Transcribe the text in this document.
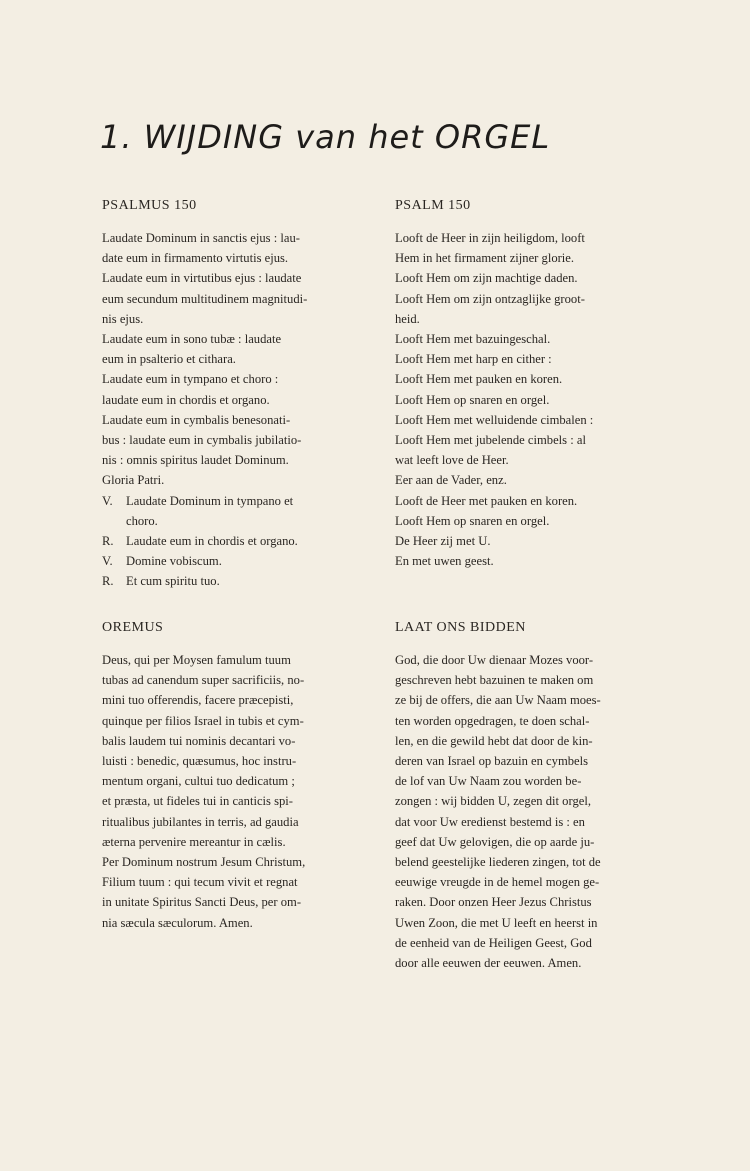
1. WIJDING van het ORGEL
PSALMUS 150
Laudate Dominum in sanctis ejus : lau-
date eum in firmamento virtutis ejus.
Laudate eum in virtutibus ejus : laudate
eum secundum multitudinem magnitudi-
nis ejus.
Laudate eum in sono tubæ : laudate
eum in psalterio et cithara.
Laudate eum in tympano et choro :
laudate eum in chordis et organo.
Laudate eum in cymbalis benesonati-
bus : laudate eum in cymbalis jubilatio-
nis : omnis spiritus laudet Dominum.
Gloria Patri.
V. Laudate Dominum in tympano et
choro.
R. Laudate eum in chordis et organo.
V. Domine vobiscum.
R. Et cum spiritu tuo.
PSALM 150
Looft de Heer in zijn heiligdom, looft
Hem in het firmament zijner glorie.
Looft Hem om zijn machtige daden.
Looft Hem om zijn ontzaglijke groot-
heid.
Looft Hem met bazuingeschal.
Looft Hem met harp en cither :
Looft Hem met pauken en koren.
Looft Hem op snaren en orgel.
Looft Hem met welluidende cimbalen :
Looft Hem met jubelende cimbels : al
wat leeft love de Heer.
Eer aan de Vader, enz.
Looft de Heer met pauken en koren.
Looft Hem op snaren en orgel.
De Heer zij met U.
En met uwen geest.
OREMUS
Deus, qui per Moysen famulum tuum
tubas ad canendum super sacrificiis, no-
mini tuo offerendis, facere præcepisti,
quinque per filios Israel in tubis et cym-
balis laudem tui nominis decantari vo-
luisti : benedic, quæsumus, hoc instru-
mentum organi, cultui tuo dedicatum ;
et præsta, ut fideles tui in canticis spi-
ritualibus jubilantes in terris, ad gaudia
æterna pervenire mereantur in cælis.
Per Dominum nostrum Jesum Christum,
Filium tuum : qui tecum vivit et regnat
in unitate Spiritus Sancti Deus, per om-
nia sæcula sæculorum. Amen.
LAAT ONS BIDDEN
God, die door Uw dienaar Mozes voor-
geschreven hebt bazuinen te maken om
ze bij de offers, die aan Uw Naam moes-
ten worden opgedragen, te doen schal-
len, en die gewild hebt dat door de kin-
deren van Israel op bazuin en cymbels
de lof van Uw Naam zou worden be-
zongen : wij bidden U, zegen dit orgel,
dat voor Uw eredienst bestemd is : en
geef dat Uw gelovigen, die op aarde ju-
belend geestelijke liederen zingen, tot de
eeuwige vreugde in de hemel mogen ge-
raken. Door onzen Heer Jezus Christus
Uwen Zoon, die met U leeft en heerst in
de eenheid van de Heiligen Geest, God
door alle eeuwen der eeuwen. Amen.
